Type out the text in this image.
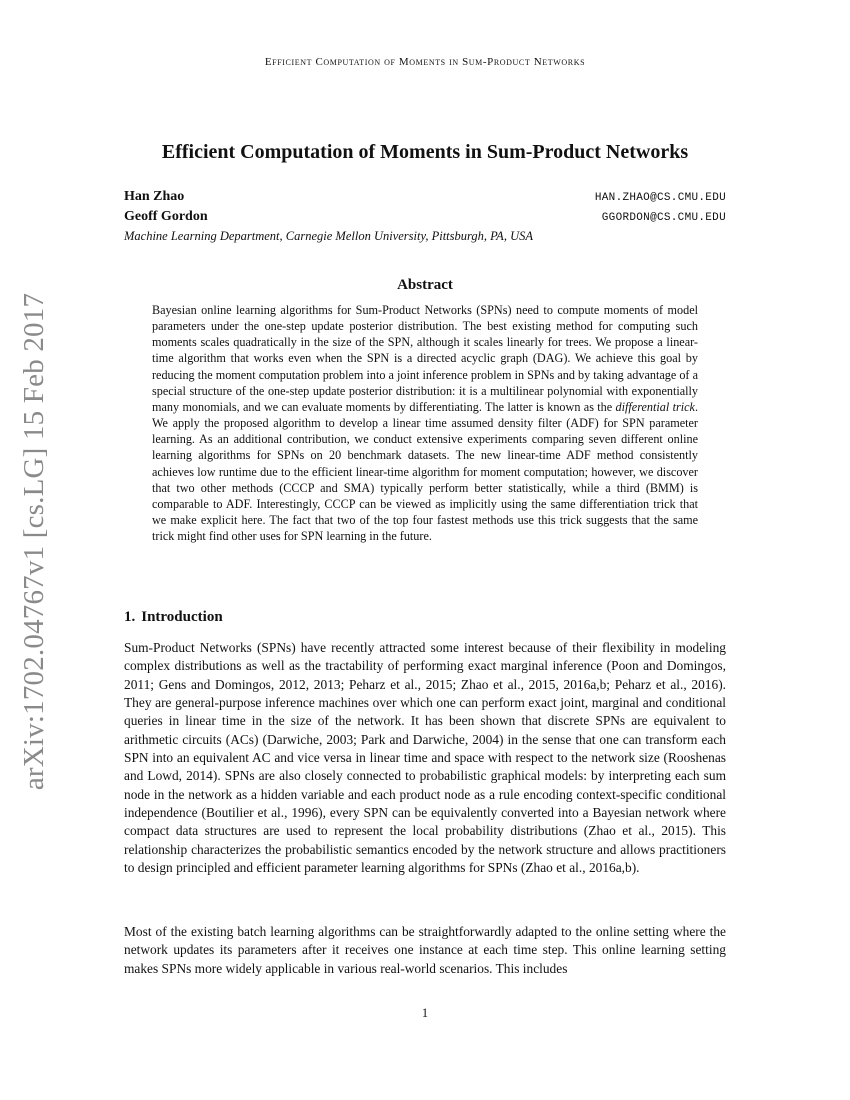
arXiv:1702.04767v1 [cs.LG] 15 Feb 2017
Efficient Computation of Moments in Sum-Product Networks
Efficient Computation of Moments in Sum-Product Networks
Han Zhao	HAN.ZHAO@CS.CMU.EDU
Geoff Gordon	GGORDON@CS.CMU.EDU
Machine Learning Department, Carnegie Mellon University, Pittsburgh, PA, USA
Abstract

Bayesian online learning algorithms for Sum-Product Networks (SPNs) need to compute moments of model parameters under the one-step update posterior distribution. The best existing method for computing such moments scales quadratically in the size of the SPN, although it scales linearly for trees. We propose a linear-time algorithm that works even when the SPN is a directed acyclic graph (DAG). We achieve this goal by reducing the moment computation problem into a joint inference problem in SPNs and by taking advantage of a special structure of the one-step update posterior distribution: it is a multilinear polynomial with exponentially many monomials, and we can evaluate moments by differentiating. The latter is known as the differential trick. We apply the proposed algorithm to develop a linear time assumed density filter (ADF) for SPN parameter learning. As an additional contribution, we conduct extensive experiments comparing seven different online learning algorithms for SPNs on 20 benchmark datasets. The new linear-time ADF method consistently achieves low runtime due to the efficient linear-time algorithm for moment computation; however, we discover that two other methods (CCCP and SMA) typically perform better statistically, while a third (BMM) is comparable to ADF. Interestingly, CCCP can be viewed as implicitly using the same differentiation trick that we make explicit here. The fact that two of the top four fastest methods use this trick suggests that the same trick might find other uses for SPN learning in the future.

1. Introduction

Sum-Product Networks (SPNs) have recently attracted some interest because of their flexibility in modeling complex distributions as well as the tractability of performing exact marginal inference (Poon and Domingos, 2011; Gens and Domingos, 2012, 2013; Peharz et al., 2015; Zhao et al., 2015, 2016a,b; Peharz et al., 2016). They are general-purpose inference machines over which one can perform exact joint, marginal and conditional queries in linear time in the size of the network. It has been shown that discrete SPNs are equivalent to arithmetic circuits (ACs) (Darwiche, 2003; Park and Darwiche, 2004) in the sense that one can transform each SPN into an equivalent AC and vice versa in linear time and space with respect to the network size (Rooshenas and Lowd, 2014). SPNs are also closely connected to probabilistic graphical models: by interpreting each sum node in the network as a hidden variable and each product node as a rule encoding context-specific conditional independence (Boutilier et al., 1996), every SPN can be equivalently converted into a Bayesian network where compact data structures are used to represent the local probability distributions (Zhao et al., 2015). This relationship characterizes the probabilistic semantics encoded by the network structure and allows practitioners to design principled and efficient parameter learning algorithms for SPNs (Zhao et al., 2016a,b).

Most of the existing batch learning algorithms can be straightforwardly adapted to the online setting where the network updates its parameters after it receives one instance at each time step. This online learning setting makes SPNs more widely applicable in various real-world scenarios. This includes

1
